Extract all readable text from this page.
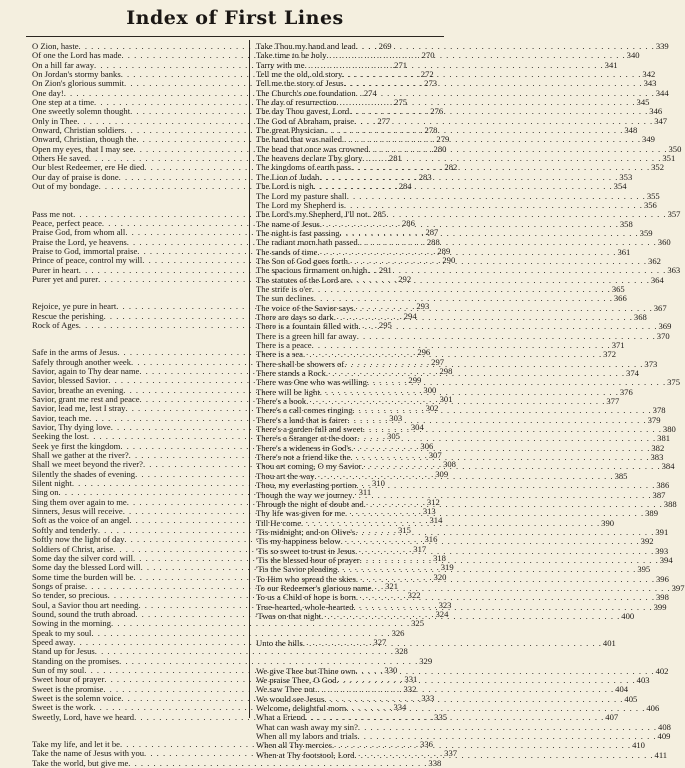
Index of First Lines
O Zion, haste . . .	269
Of one the Lord has made . . .	270
On a hill far away . . .	271
On Jordan's stormy banks . . .	272
On Zion's glorious summit . . .	273
One day! . . .	274
One step at a time . . .	275
One sweetly solemn thought . . .	276
Only in Thee . . .	277
Onward, Christian soldiers . . .	278
Onward, Christian, though the . . .	279
Open my eyes, that I may see . . .	280
Others He saved . . .	281
Our blest Redeemer, ere He died . . .	282
Our day of praise is done . . .	283
Out of my bondage . . .	284
Pass me not . . .	285
Peace, perfect peace . . .	286
Praise God, from whom all . . .	287
Praise the Lord, ye heavens . . .	288
Praise to God, immortal praise . . .	289
Prince of peace, control my will . . .	290
Purer in heart . . .	291
Purer yet and purer . . .	292
Rejoice, ye pure in heart . . .	293
Rescue the perishing . . .	294
Rock of Ages . . .	295
Safe in the arms of Jesus . . .	296
Safely through another week . . .	297
Savior, again to Thy dear name . . .	298
Savior, blessed Savior . . .	299
Savior, breathe an evening . . .	300
Savior, grant me rest and peace . . .	301
Savior, lead me, lest I stray . . .	302
Savior, teach me . . .	303
Savior, Thy dying love . . .	304
Seeking the lost . . .	305
Seek ye first the kingdom . . .	306
Shall we gather at the river? . . .	307
Shall we meet beyond the river? . . .	308
Silently the shades of evening . . .	309
Silent night . . .	310
Sing on . . .	311
Sing them over again to me . . .	312
Sinners, Jesus will receive . . .	313
Soft as the voice of an angel . . .	314
Softly and tenderly . . .	315
Softly now the light of day . . .	316
Soldiers of Christ, arise . . .	317
Some day the silver cord will . . .	318
Some day the blessed Lord will . . .	319
Some time the burden will be . . .	320
Songs of praise . . .	321
So tender, so precious . . .	322
Soul, a Savior thou art needing . . .	323
Sound, sound the truth abroad . . .	324
Sowing in the morning . . .	325
Speak to my soul . . .	326
Speed away . . .	327
Stand up for Jesus . . .	328
Standing on the promises . . .	329
Sun of my soul . . .	330
Sweet hour of prayer . . .	331
Sweet is the promise . . .	332
Sweet is the solemn voice . . .	333
Sweet is the work . . .	334
Sweetly, Lord, have we heard . . .	335
Take my life, and let it be . . .	336
Take the name of Jesus with you . . .	337
Take the world, but give me . . .	338
Take Thou my hand and lead . . .	339
Take time to be holy . . .	340
Tarry with me . . .	341
Tell me the old, old story . . .	342
Tell me the story of Jesus . . .	343
The Church's one foundation . . .	344
The day of resurrection . . .	345
The day Thou gavest, Lord . . .	346
The God of Abraham, praise . . .	347
The great Physician . . .	348
The hand that was nailed . . .	349
The head that once was crowned . . .	350
The heavens declare Thy glory . . .	351
The kingdoms of earth pass . . .	352
The Lion of Judah . . .	353
The Lord is nigh . . .	354
The Lord my pasture shall . . .	355
The Lord my Shepherd is . . .	356
The Lord's my Shepherd, I'll not . . .	357
The name of Jesus . . .	358
The night is fast passing . . .	359
The radiant morn hath passed . . .	360
The sands of time . . .	361
The Son of God goes forth . . .	362
The spacious firmament on high . . .	363
The statutes of the Lord are . . .	364
The strife is o'er . . .	365
The sun declines . . .	366
The voice of the Savior says . . .	367
There are days so dark . . .	368
There is a fountain filled with . . .	369
There is a green hill far away . . .	370
There is a peace . . .	371
There is a sea . . .	372
There shall be showers of . . .	373
There stands a Rock . . .	374
There was One who was willing . . .	375
There will be light . . .	376
There's a book . . .	377
There's a call comes ringing . . .	378
There's a land that is fairer . . .	379
There's a garden full and sweet . . .	380
There's a Stranger at the door . . .	381
There's a wideness in God's . . .	382
There's not a friend like the . . .	383
Thou art coming, O my Savior . . .	384
Thou art the way . . .	385
Thou, my everlasting portion . . .	386
Though the way we journey . . .	387
Through the night of doubt and . . .	388
Thy life was given for me . . .	389
Till He come . . .	390
'Tis midnight; and on Olive's . . .	391
'Tis my happiness below . . .	392
'Tis so sweet to trust in Jesus . . .	393
'Tis the blessed hour of prayer . . .	394
'Tis the Savior pleading . . .	395
To Him who spread the skies . . .	396
To our Redeemer's glorious name . . .	397
To us a Child of hope is born . . .	398
True-hearted, whole-hearted . . .	399
'Twas on that night . . .	400
Unto the hills . . .	401
We give Thee but Thine own . . .	402
We praise Thee, O God . . .	403
We saw Thee not . . .	404
We would see Jesus . . .	405
Welcome, delightful morn . . .	406
What a Friend . . .	407
What can wash away my sin? . . .	408
When all my labors and trials . . .	409
When all Thy mercies . . .	410
When at Thy footstool, Lord . . .	411
